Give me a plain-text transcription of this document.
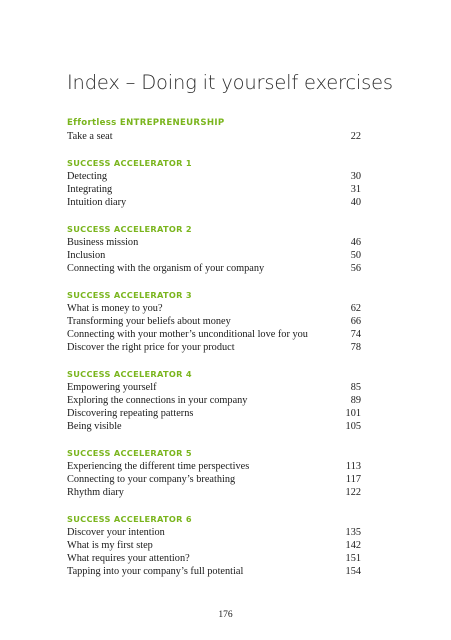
Index – Doing it yourself exercises
Effortless ENTREPRENEURSHIP
Take a seat	22
SUCCESS ACCELERATOR 1
Detecting	30
Integrating	31
Intuition diary	40
SUCCESS ACCELERATOR 2
Business mission	46
Inclusion	50
Connecting with the organism of your company	56
SUCCESS ACCELERATOR 3
What is money to you?	62
Transforming your beliefs about money	66
Connecting with your mother’s unconditional love for you	74
Discover the right price for your product	78
SUCCESS ACCELERATOR 4
Empowering yourself	85
Exploring the connections in your company	89
Discovering repeating patterns	101
Being visible	105
SUCCESS ACCELERATOR 5
Experiencing the different time perspectives	113
Connecting to your company’s breathing	117
Rhythm diary	122
SUCCESS ACCELERATOR 6
Discover your intention	135
What is my first step	142
What requires your attention?	151
Tapping into your company’s full potential	154
176
